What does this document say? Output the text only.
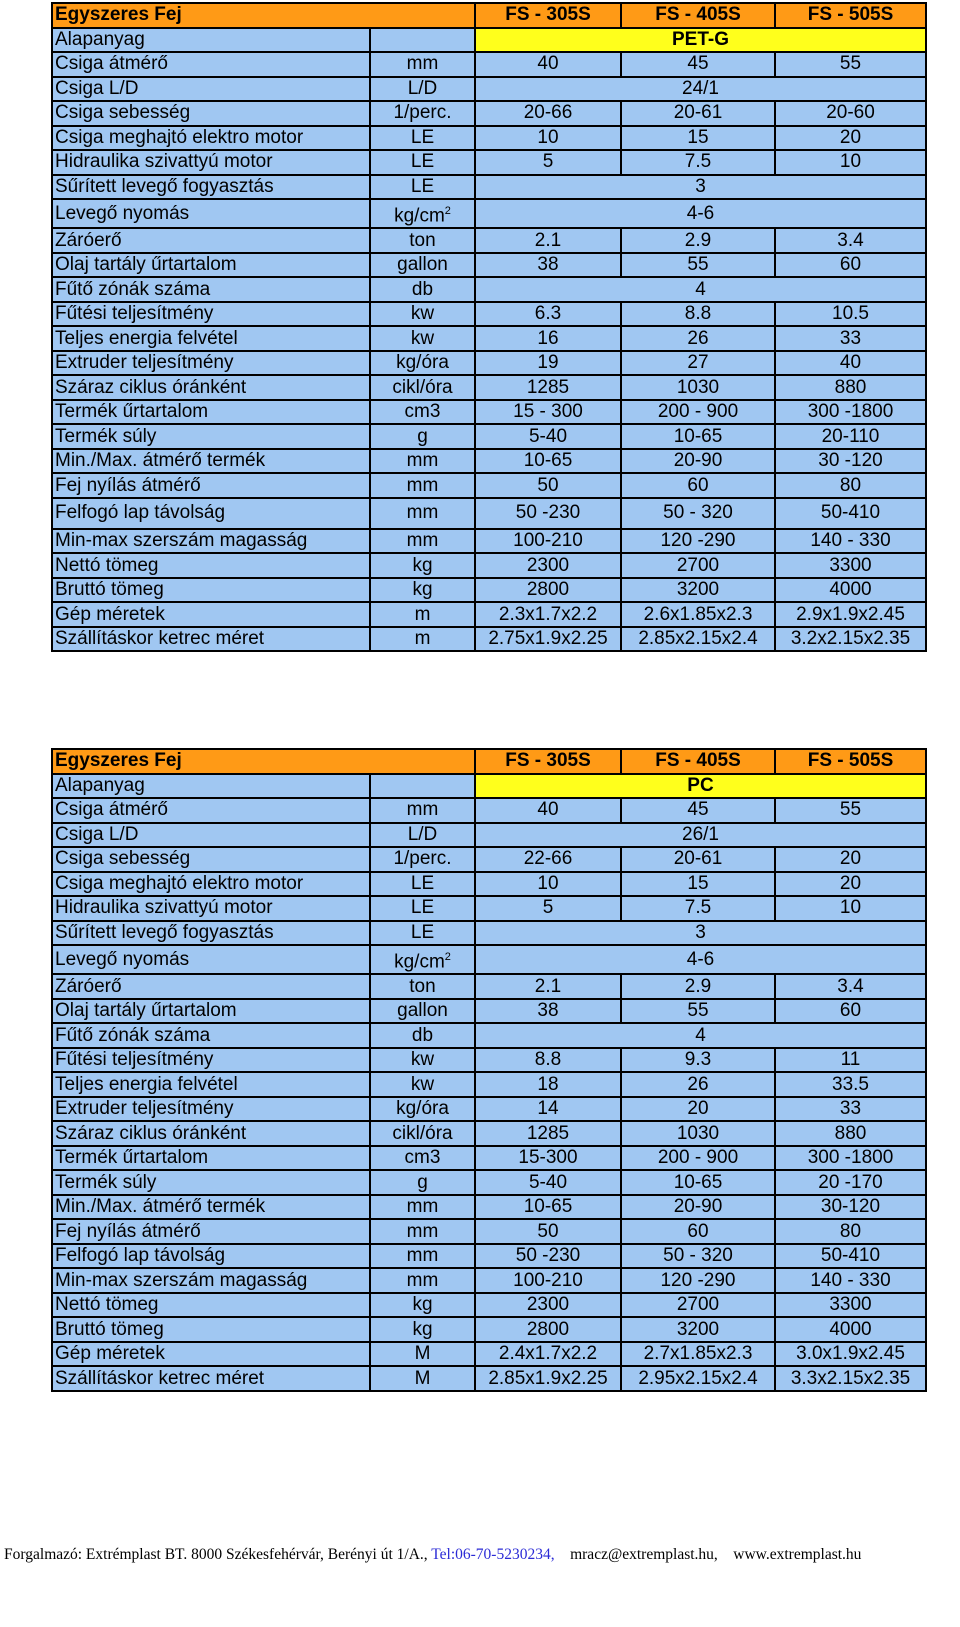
Egyszeres Fej		FS - 305S	FS - 405S	FS - 505S
Alapanyag		PET-G		
Csiga átmérő	mm	40	45	55
Csiga L/D	L/D	24/1		
Csiga sebesség	1/perc.	20-66	20-61	20-60
Csiga meghajtó elektro motor	LE	10	15	20
Hidraulika szivattyú motor	LE	5	7.5	10
Sűrített levegő fogyasztás	LE	3		
Levegő nyomás	$kg/cm^2$	4-6		
Záróerő	ton	2.1	2.9	3.4
Olaj tartály űrtartalom	gallon	38	55	60
Fűtő zónák száma	db	4		
Fűtési teljesítmény	kw	6.3	8.8	10.5
Teljes energia felvétel	kw	16	26	33
Extruder teljesítmény	kg/óra	19	27	40
Száraz ciklus óránként	cikl/óra	1285	1030	880
Termék űrtartalom	cm3	15 - 300	200 - 900	300 -1800
Termék súly	g	5-40	10-65	20-110
Min./Max. átmérő termék	mm	10-65	20-90	30 -120
Fej nyílás átmérő	mm	50	60	80
Felfogó lap távolság	mm	50 -230	50 - 320	50-410
Min-max szerszám magasság	mm	100-210	120 -290	140 - 330
Nettó tömeg	kg	2300	2700	3300
Bruttó tömeg	kg	2800	3200	4000
Gép méretek	m	2.3x1.7x2.2	2.6x1.85x2.3	2.9x1.9x2.45
Szállításkor ketrec méret	m	2.75x1.9x2.25	2.85x2.15x2.4	3.2x2.15x2.35
Egyszeres Fej		FS - 305S	FS - 405S	FS - 505S
Alapanyag		PC		
Csiga átmérő	mm	40	45	55
Csiga L/D	L/D	26/1		
Csiga sebesség	1/perc.	22-66	20-61	20
Csiga meghajtó elektro motor	LE	10	15	20
Hidraulika szivattyú motor	LE	5	7.5	10
Sűrített levegő fogyasztás	LE	3		
Levegő nyomás	$kg/cm^2$	4-6		
Záróerő	ton	2.1	2.9	3.4
Olaj tartály űrtartalom	gallon	38	55	60
Fűtő zónák száma	db	4		
Fűtési teljesítmény	kw	8.8	9.3	11
Teljes energia felvétel	kw	18	26	33.5
Extruder teljesítmény	kg/óra	14	20	33
Száraz ciklus óránként	cikl/óra	1285	1030	880
Termék űrtartalom	cm3	15-300	200 - 900	300 -1800
Termék súly	g	5-40	10-65	20 -170
Min./Max. átmérő termék	mm	10-65	20-90	30-120
Fej nyílás átmérő	mm	50	60	80
Felfogó lap távolság	mm	50 -230	50 - 320	50-410
Min-max szerszám magasság	mm	100-210	120 -290	140 - 330
Nettó tömeg	kg	2300	2700	3300
Bruttó tömeg	kg	2800	3200	4000
Gép méretek	M	2.4x1.7x2.2	2.7x1.85x2.3	3.0x1.9x2.45
Szállításkor ketrec méret	M	2.85x1.9x2.25	2.95x2.15x2.4	3.3x2.15x2.35
Forgalmazó: Extrémplast BT. 8000 Székesfehérvár, Berényi út 1/A., Tel:06-70-5230234, mracz@extremplast.hu, www.extremplast.hu
